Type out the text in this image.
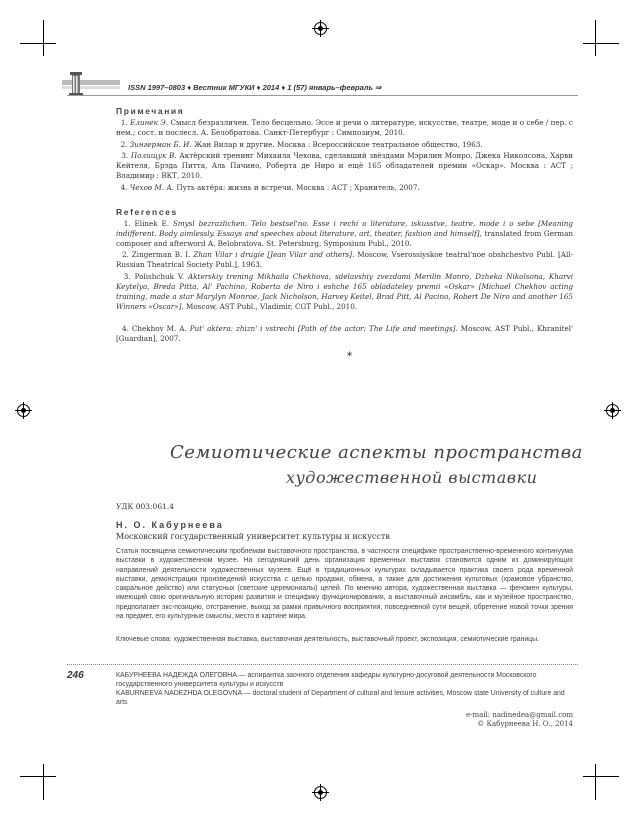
ISSN 1997–0803 ♦ Вестник МГУКИ ♦ 2014 ♦ 1 (57) январь–февраль ⇒
Примечания
1. Елинек Э. Смысл безразличен. Тело бесцельно. Эссе и речи о литературе, искусстве, театре, моде и о себе / пер. с нем.; сост. и послесл. А. Белобратова. Санкт-Петербург : Симпозиум, 2010.
2. Зингерман Б. И. Жан Вилар и другие. Москва : Всероссийское театральное общество, 1963.
3. Полищук В. Актёрский тренинг Михаила Чехова, сделавший звёздами Мэрилин Монро, Джека Николсона, Харви Кейтеля, Брэда Питта, Аль Пачино, Роберта де Ниро и ещё 165 обладателей премии «Оскар». Москва : АСТ ; Владимир : ВКТ, 2010.
4. Чехов М. А. Путь актёра: жизнь и встречи. Москва : АСТ ; Хранитель, 2007.
References
1. Elinek E. Smysl bezrazlichen. Telo bestsel'no. Esse i rechi o literature, iskusstve, teatre, mode i o sebe [Meaning indifferent. Body aimlessly. Essays and speeches about literature, art, theater, fashion and himself], translated from German composer and afterword A. Belobratova. St. Petersburg, Symposium Publ., 2010.
2. Zingerman B. I. Zhan Vilar i drugie [Jean Vilar and others]. Moscow, Vserossiyskoe teatral'noe obshchestvo Publ. [All-Russian Theatrical Society Publ.], 1963.
3. Polishchuk V. Akterskiy trening Mikhaila Chekhova, sdelavshiy zvezdami Merilin Monro, Dzheka Nikolsona, Kharvi Keytelya, Breda Pitta, Al' Pachino, Roberta de Niro i eshche 165 obladateley premii «Oskar» [Michael Chekhov acting training, made a star Marylyn Monroe, Jack Nicholson, Harvey Keitel, Brad Pitt, Al Pacino, Robert De Niro and another 165 Winners «Oscar»]. Moscow, AST Publ., Vladimir, CGT Publ., 2010.
4. Chekhov M. A. Put' aktera: zhizn' i vstrechi [Path of the actor: The Life and meetings]. Moscow, AST Publ., Khranitel' [Guardian], 2007.
*
Семиотические аспекты пространства
художественной выставки
УДК 003:061.4
Н. О. Кабурнеева
Московский государственный университет культуры и искусств
Статья посвящена семиотическим проблемам выставочного пространства, в частности специфике пространственно-временного континуума выставки в художественном музее. На сегодняшний день организация временных выставок становится одним из доминирующих направлений деятельности художественных музеев. Ещё в традиционных культурах складывается практика своего рода временной выставки, демонстрации произведений искусства с целью продажи, обмена, а также для достижения культовых (храмовое убранство, сакральное действо) или статусных (светские церемониалы) целей. По мнению автора, художественная выставка — феномен культуры, имеющий свою оригинальную историю развития и специфику функционирования, а выставочный ансамбль, как и музейное пространство, предполагает экс-позицию, отстранение, выход за рамки привычного восприятия, повседневной сути вещей, обретение новой точки зрения на предмет, его культурные смыслы, место в картине мира.
Ключевые слова: художественная выставка, выставочная деятельность, выставочный проект, экспозиция, семиотические границы.
246	КАБУРНЕЕВА НАДЕЖДА ОЛЕГОВНА — аспирантка заочного отделения кафедры культурно-досуговой деятельности Московского государственного университета культуры и искусств
KABURNEEVA NADEZHDA OLEGOVNA — doctoral student of Department of cultural and leisure activities, Moscow state University of culture and arts
e-mail: nadinedea@gmail.com
© Кабурнеева Н. О., 2014
